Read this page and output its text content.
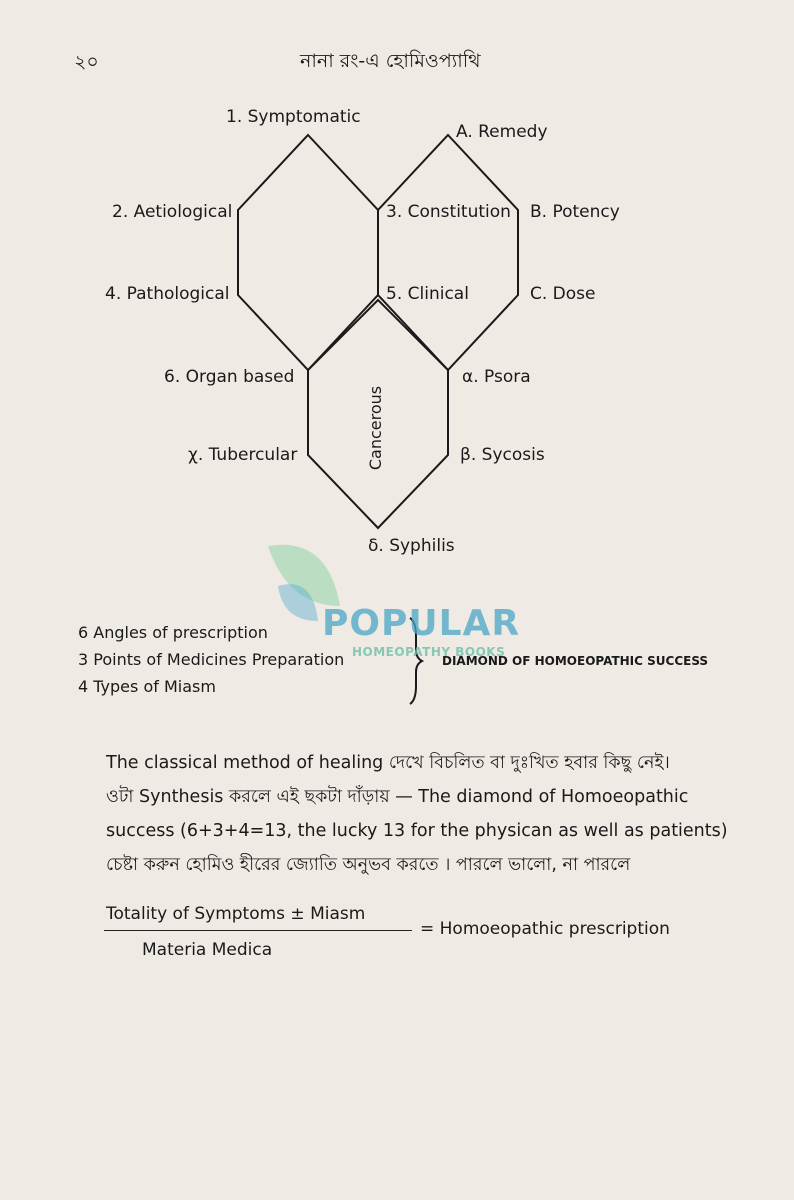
২০	নানা রং-এ হোমিওপ্যাথি
Cancerous
1. Symptomatic
2. Aetiological	3. Constitution
4. Pathological	5. Clinical
6. Organ based
A. Remedy
B. Potency
C. Dose
α. Psora
χ. Tubercular	β. Sycosis
δ. Syphilis
POPULAR
HOMEOPATHY BOOKS
6 Angles of prescription
3 Points of Medicines Preparation
4 Types of Miasm
DIAMOND OF HOMOEOPATHIC SUCCESS
The classical method of healing দেখে বিচলিত বা দুঃখিত হবার কিছু নেই।
ওটা Synthesis করলে এই ছকটা দাঁড়ায় — The diamond of Homoeopathic
success (6+3+4=13, the lucky 13 for the physican as well as patients)
চেষ্টা করুন হোমিও হীরের জ্যোতি অনুভব করতে । পারলে ভালো, না পারলে
Totality of Symptoms ± Miasm
Materia Medica
= Homoeopathic prescription
